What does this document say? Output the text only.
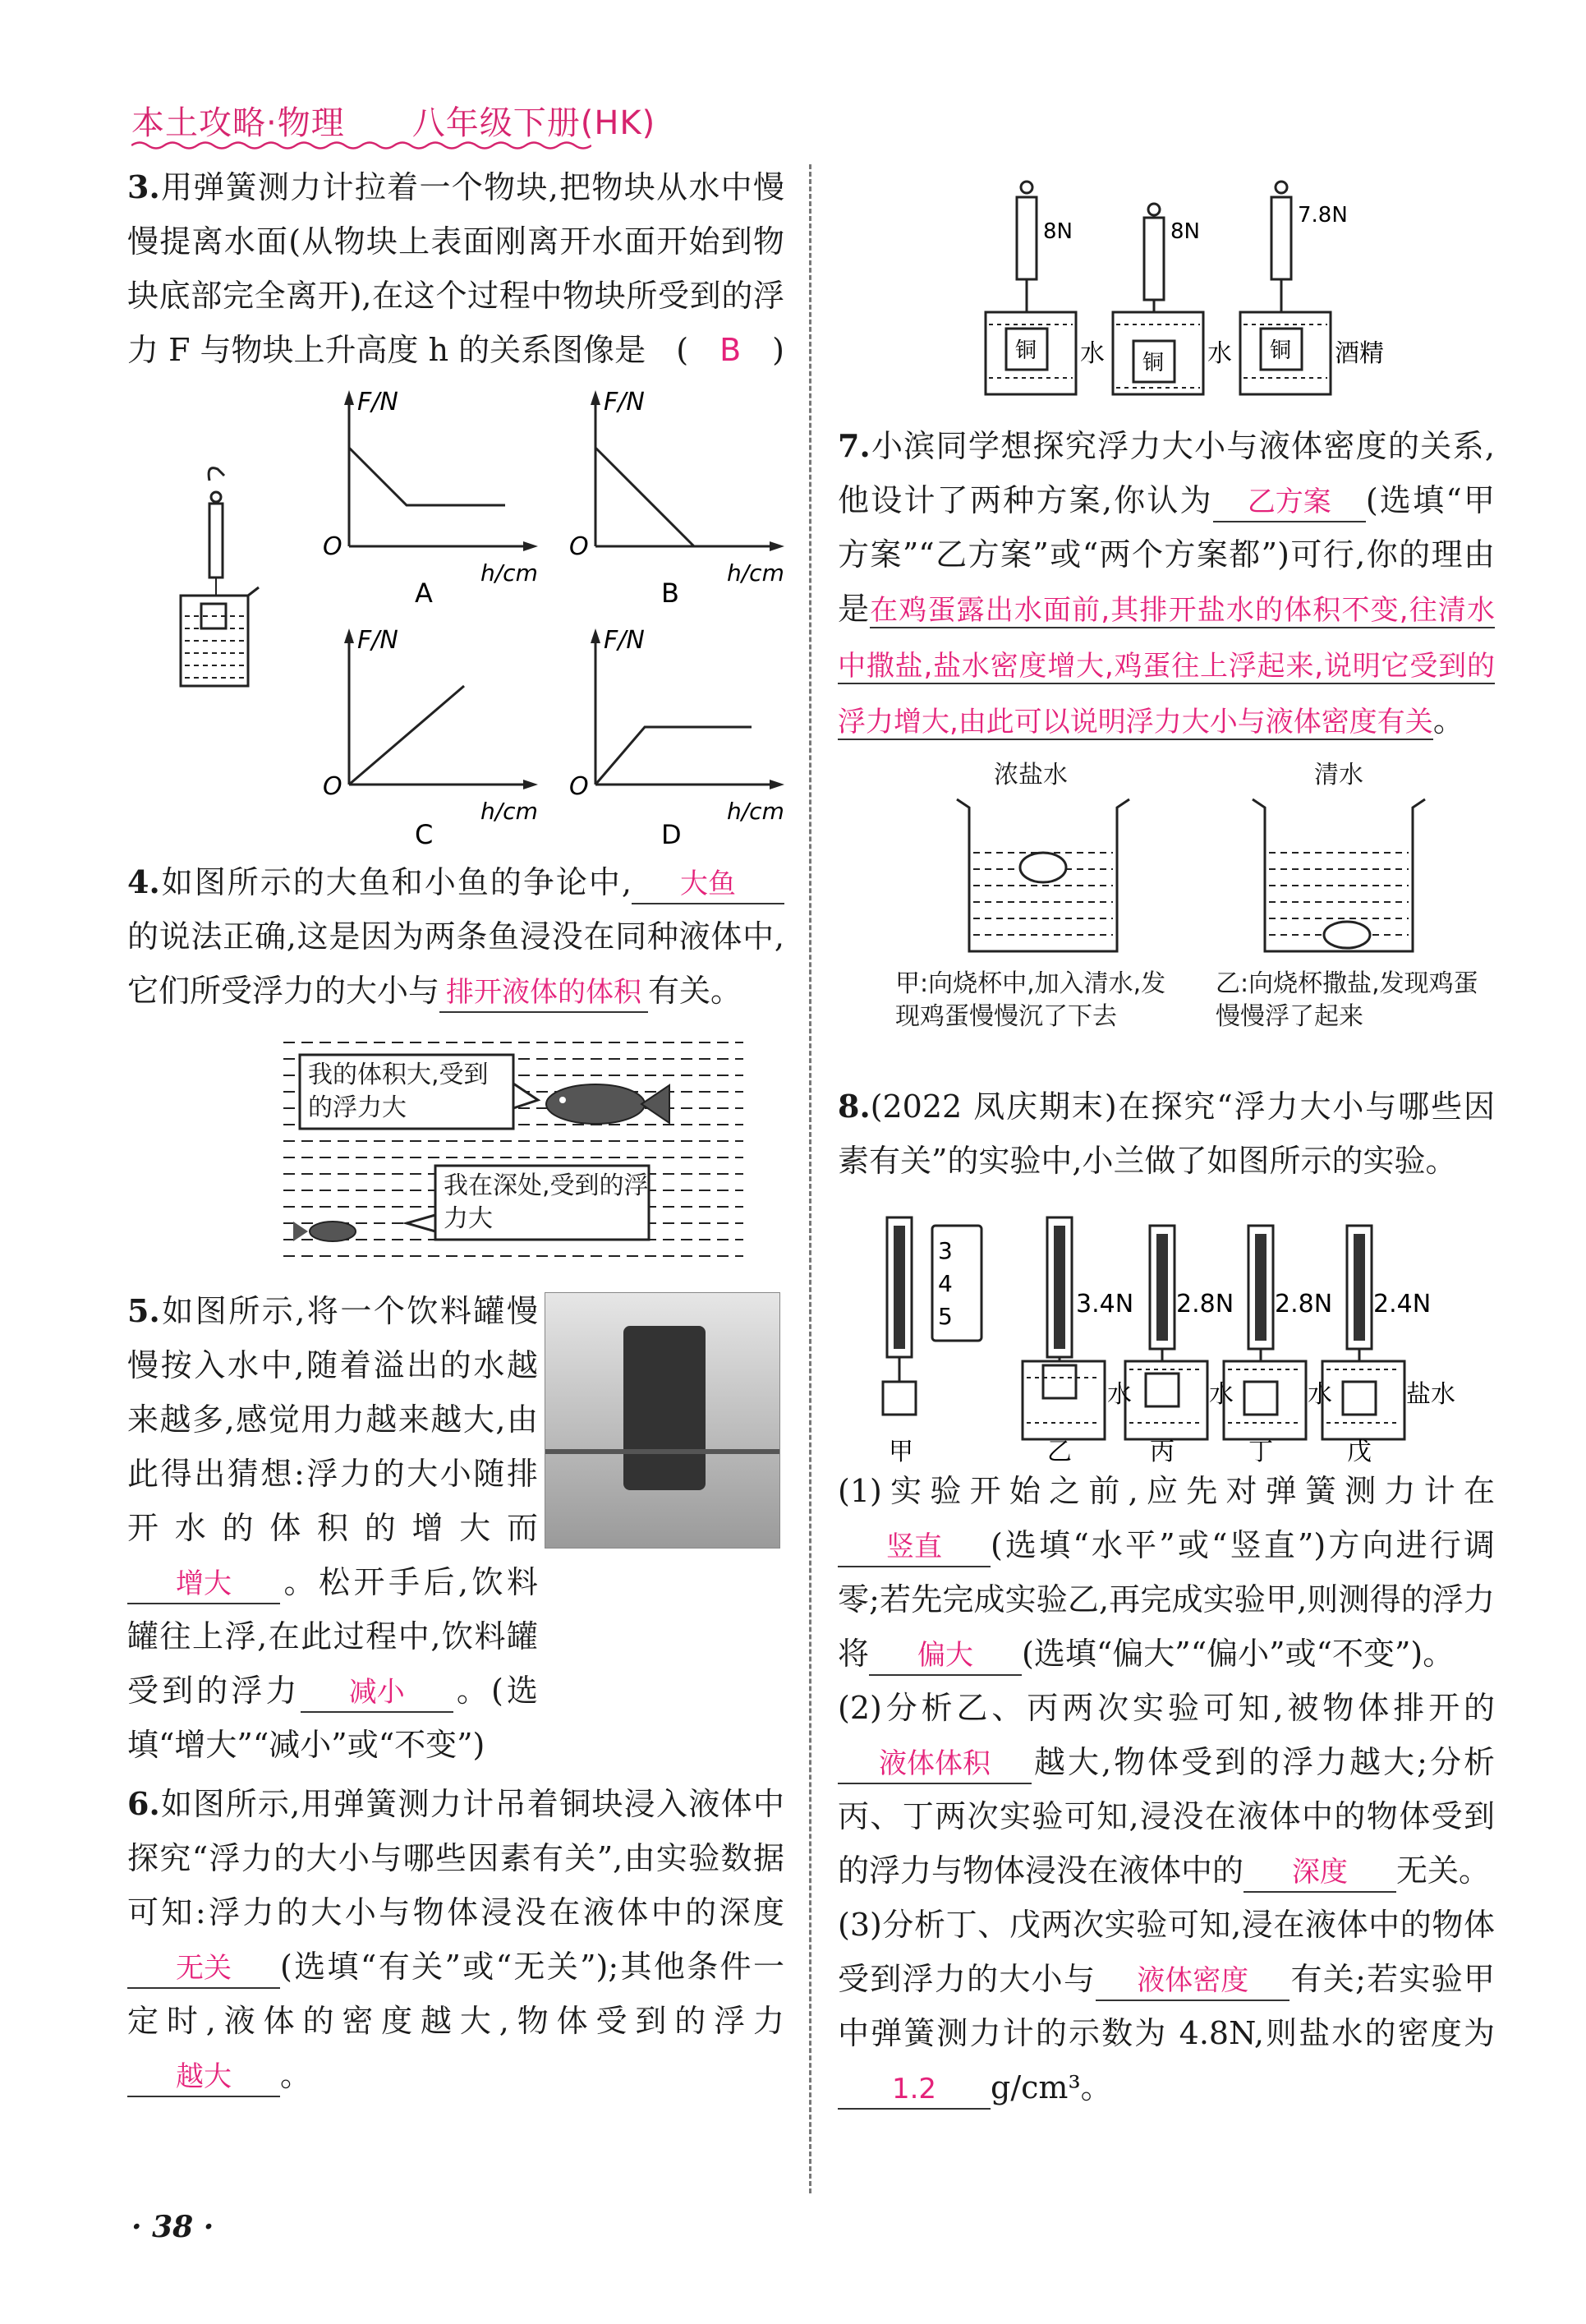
本土攻略·物理　　八年级下册(HK)

3.用弹簧测力计拉着一个物块,把物块从水中慢慢提离水面(从物块上表面刚离开水面开始到物块底部完全离开),在这个过程中物块所受到的浮力 F 与物块上升高度 h 的关系图像是 (　B　)

F/N
O
h/cm
A
F/N
O
h/cm
B
F/N
O
h/cm
C
F/N
O
h/cm
D

4.如图所示的大鱼和小鱼的争论中, 大鱼的说法正确,这是因为两条鱼浸没在同种液体中,它们所受浮力的大小与 排开液体的体积 有关。

我的体积大,受到的浮力大
我在深处,受到的浮力大

5.如图所示,将一个饮料罐慢慢按入水中,随着溢出的水越来越多,感觉用力越来越大,由此得出猜想:浮力的大小随排开水的体积的增大而增大 。松开手后,饮料罐往上浮,在此过程中,饮料罐受到的浮力 减小 。(选填“增大”“减小”或“不变”)

6.如图所示,用弹簧测力计吊着铜块浸入液体中探究“浮力的大小与哪些因素有关”,由实验数据可知:浮力的大小与物体浸没在液体中的深度无关 (选填“有关”或“无关”);其他条件一定时,液体的密度越大,物体受到的浮力越大 。

8N	8N
7.8N
铜	铜	铜
水	水	酒精

7.小滨同学想探究浮力大小与液体密度的关系,他设计了两种方案,你认为 乙方案 (选填“甲方案”“乙方案”或“两个方案都”)可行,你的理由是在鸡蛋露出水面前,其排开盐水的体积不变,往清水中撒盐,盐水密度增大,鸡蛋往上浮起来,说明它受到的浮力增大,由此可以说明浮力大小与液体密度有关。

浓盐水	清水
甲:向烧杯中,加入清水,发现鸡蛋慢慢沉了下去
乙:向烧杯撒盐,发现鸡蛋慢慢浮了起来

8.(2022 凤庆期末)在探究“浮力大小与哪些因素有关”的实验中,小兰做了如图所示的实验。

3
4
5	3.4N 2.8N 2.8N 2.4N
水	水	水	盐水
甲	乙	丙	丁	戊

(1)实验开始之前,应先对弹簧测力计在竖直 (选填“水平”或“竖直”)方向进行调零;若先完成实验乙,再完成实验甲,则测得的浮力将 偏大 (选填“偏大”“偏小”或“不变”)。

(2)分析乙、丙两次实验可知,被物体排开的液体体积 越大,物体受到的浮力越大;分析丙、丁两次实验可知,浸没在液体中的物体受到的浮力与物体浸没在液体中的 深度 无关。

(3)分析丁、戊两次实验可知,浸在液体中的物体受到浮力的大小与 液体密度 有关;若实验甲中弹簧测力计的示数为 4.8N,则盐水的密度为1.2 g/cm³。

· 38 ·
